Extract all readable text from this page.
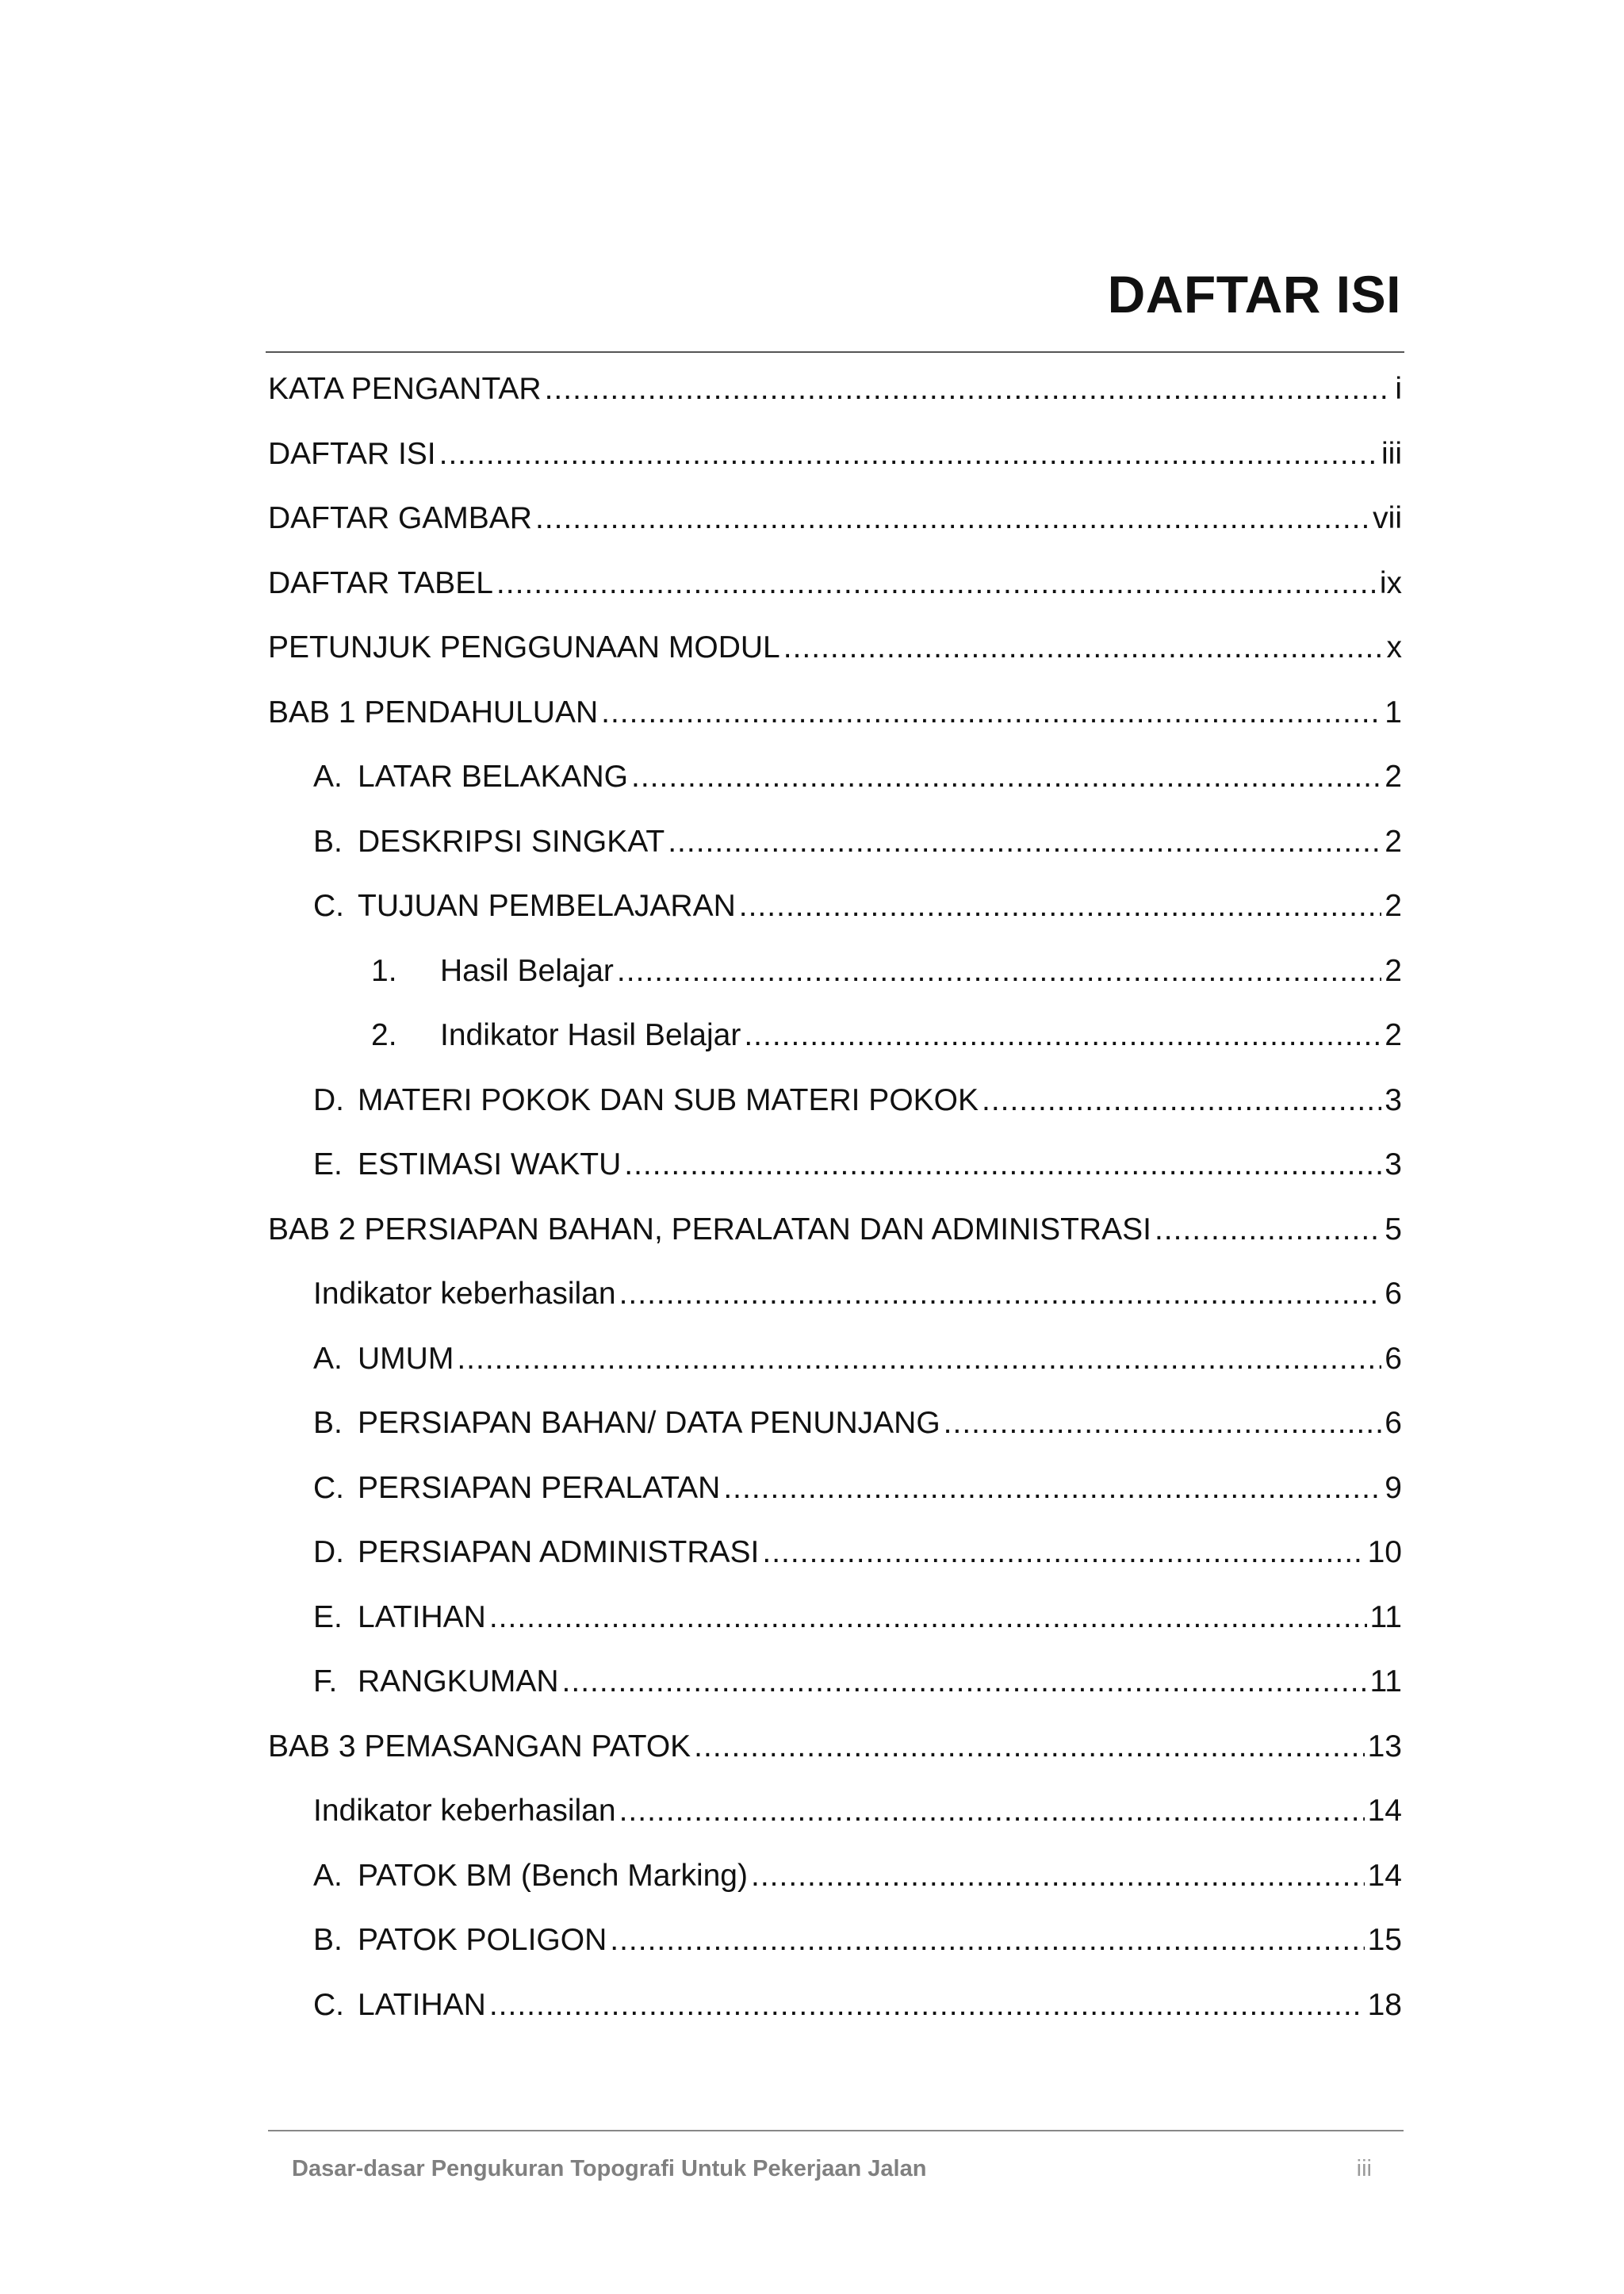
DAFTAR ISI
KATA PENGANTAR .....	i
DAFTAR ISI .....	iii
DAFTAR GAMBAR .....	vii
DAFTAR TABEL .....	ix
PETUNJUK PENGGUNAAN MODUL .....	x
BAB 1 PENDAHULUAN .....	1
A. LATAR BELAKANG .....	2
B. DESKRIPSI SINGKAT .....	2
C. TUJUAN PEMBELAJARAN .....	2
1.	Hasil Belajar .....	2
2.	Indikator Hasil Belajar .....	2
D. MATERI POKOK DAN SUB MATERI POKOK .....	3
E. ESTIMASI WAKTU .....	3
BAB 2 PERSIAPAN BAHAN, PERALATAN DAN ADMINISTRASI .....	5
Indikator keberhasilan .....	6
A. UMUM .....	6
B. PERSIAPAN BAHAN/ DATA PENUNJANG .....	6
C. PERSIAPAN PERALATAN .....	9
D. PERSIAPAN ADMINISTRASI .....	10
E. LATIHAN .....	11
F. RANGKUMAN .....	11
BAB 3 PEMASANGAN PATOK .....	13
Indikator keberhasilan .....	14
A. PATOK BM (Bench Marking) .....	14
B. PATOK POLIGON .....	15
C. LATIHAN .....	18
Dasar-dasar Pengukuran Topografi Untuk Pekerjaan Jalan	iii
